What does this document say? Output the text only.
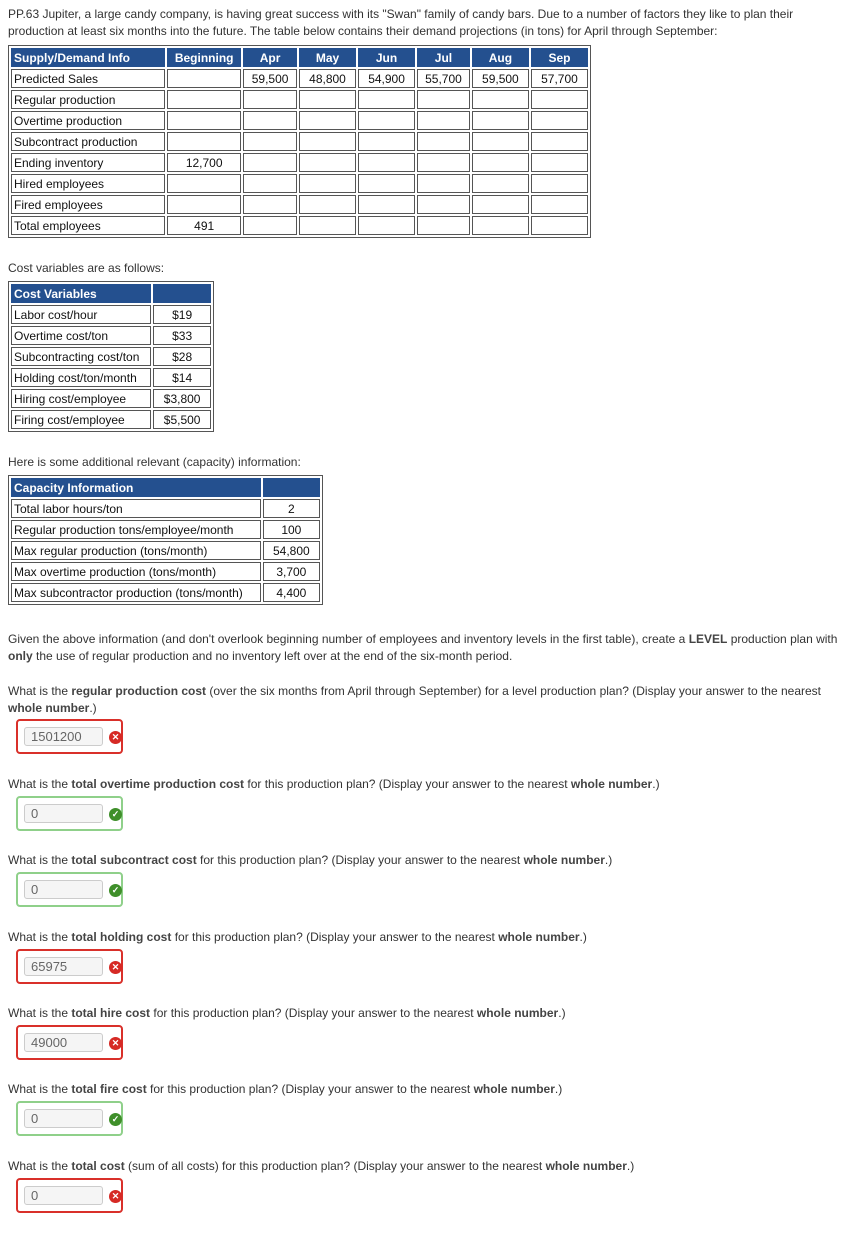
PP.63 Jupiter, a large candy company, is having great success with its "Swan" family of candy bars. Due to a number of factors they like to plan their production at least six months into the future. The table below contains their demand projections (in tons) for April through September:

Supply/Demand Info	Beginning	Apr	May	Jun	Jul	Aug	Sep
Predicted Sales		59,500	48,800	54,900	55,700	59,500	57,700
Regular production							
Overtime production							
Subcontract production							
Ending inventory	12,700						
Hired employees							
Fired employees							
Total employees	491						

Cost variables are as follows:

Cost Variables	
Labor cost/hour	$19
Overtime cost/ton	$33
Subcontracting cost/ton	$28
Holding cost/ton/month	$14
Hiring cost/employee	$3,800
Firing cost/employee	$5,500

Here is some additional relevant (capacity) information:

Capacity Information	
Total labor hours/ton	2
Regular production tons/employee/month	100
Max regular production (tons/month)	54,800
Max overtime production (tons/month)	3,700
Max subcontractor production (tons/month)	4,400

Given the above information (and don't overlook beginning number of employees and inventory levels in the first table), create a LEVEL production plan with only the use of regular production and no inventory left over at the end of the six-month period.

What is the regular production cost (over the six months from April through September) for a level production plan? (Display your answer to the nearest whole number.)

1501200
✕

What is the total overtime production cost for this production plan? (Display your answer to the nearest whole number.)

0
✓

What is the total subcontract cost for this production plan? (Display your answer to the nearest whole number.)

0
✓

What is the total holding cost for this production plan? (Display your answer to the nearest whole number.)

65975
✕

What is the total hire cost for this production plan? (Display your answer to the nearest whole number.)

49000
✕

What is the total fire cost for this production plan? (Display your answer to the nearest whole number.)

0
✓

What is the total cost (sum of all costs) for this production plan? (Display your answer to the nearest whole number.)

0
✕
